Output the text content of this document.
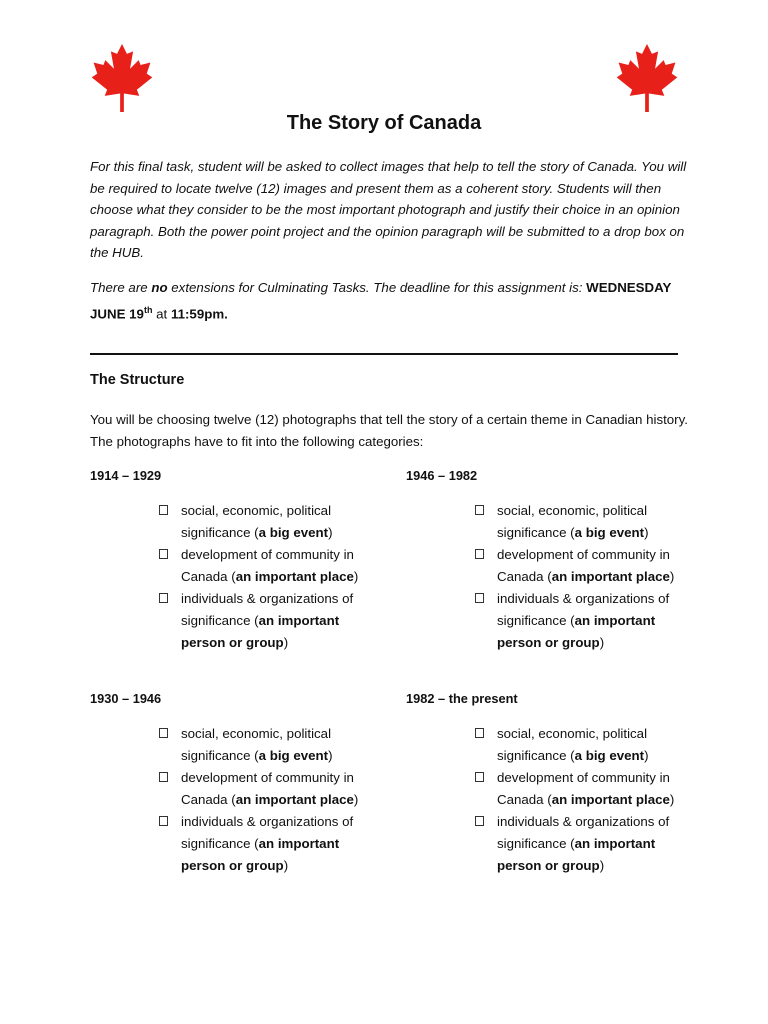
The Story of Canada

For this final task, student will be asked to collect images that help to tell the story of Canada. You will be required to locate twelve (12) images and present them as a coherent story. Students will then choose what they consider to be the most important photograph and justify their choice in an opinion paragraph. Both the power point project and the opinion paragraph will be submitted to a drop box on the HUB.

There are no extensions for Culminating Tasks. The deadline for this assignment is: WEDNESDAY JUNE 19th at 11:59pm.

The Structure

You will be choosing twelve (12) photographs that tell the story of a certain theme in Canadian history. The photographs have to fit into the following categories:

1914 – 1929	1946 – 1982
1930 – 1946	1982 – the present
social, economic, political significance (a big event)
development of community in Canada (an important place)
individuals & organizations of significance (an important person or group)
social, economic, political significance (a big event)
development of community in Canada (an important place)
individuals & organizations of significance (an important person or group)
social, economic, political significance (a big event)
development of community in Canada (an important place)
individuals & organizations of significance (an important person or group)
social, economic, political significance (a big event)
development of community in Canada (an important place)
individuals & organizations of significance (an important person or group)
